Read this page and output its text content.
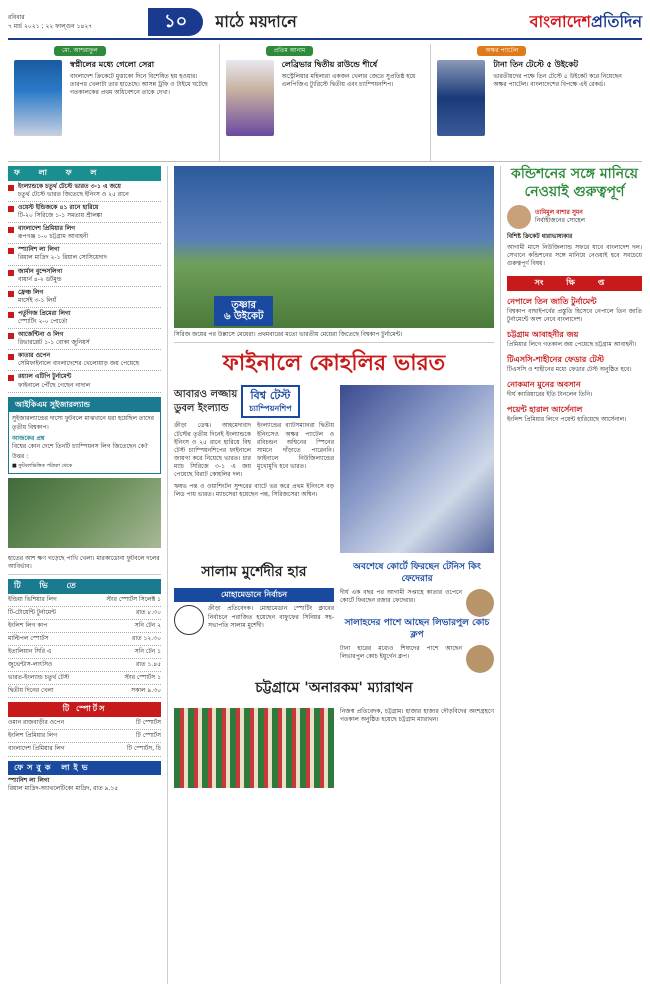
রবিবার
৭ মার্চ ২০২১ ; ২২ ফাল্গুন ১৪২৭	১০	মাঠে ময়দানে	বাংলাদেশপ্রতিদিন
মো. আশরাফুল
স্বপ্নীলের মধ্যে গেলো সেরা
বাংলাদেশ ক্রিকেটে মুত্তাকো দিনে বিশেষিত হয় হওয়ার। তারপর খেলাটা তার হাতেছে। আসন্ন ট্রফি ও টাইমে ঘটেছে গতকালকের প্রথম অধিবেশনে তাকে দেখা।
প্রতিম আনাম
লেব্রিভার দ্বিতীয় রাউন্ডে শীর্ষে
অস্ট্রেলিয়ার মহিলারা একজন খেলার জেতে সুপ্রতিষ্ঠ হয়ে এলপিজিএ ট্যুরিস্টে দ্বিতীয় এবং চ্যাম্পিয়নশিপ।
অক্ষর প্যাটেল
টানা তিন টেস্টে ৫ উইকেট
ভারতীয়দের পক্ষে তিন টেস্টে ৫ উইকেট করে নিয়েছেন অক্ষর প্যাটেল। বাংলাদেশের বিপক্ষে এই রেকর্ড।
ফ লা ফ ল
ইংল্যান্ডকে চতুর্থ টেস্টে ভারত ৩-১ এ জয়ে
চতুর্থ টেস্টে ভারত জিতেছে ইনিংস ও ২৫ রানে
ওয়েস্ট ইন্ডিজকে ৪১ রানে হারিয়ে
টি-২০ সিরিজে ১-১ সমতায় শ্রীলঙ্কা
বাংলাদেশ প্রিমিয়ার লিগ
রূপগঞ্জ ১-০ চট্টগ্রাম আবাহনী
স্প্যানিশ লা লিগা
রিয়াল মাদ্রিদ ২-১ রিয়াল সোসিয়েদাদ
জার্মান বুন্দেসলিগা
বায়ার্ন ৪-২ ডর্টমুন্ড
ফ্রেঞ্চ লিগ
মার্সেই ৩-১ লিয়ঁ
পর্তুগিজ প্রিমেরা লিগা
স্পোর্টিং ২-০ পোর্তো
আর্জেন্টিনা ও লিগ
রিভারপ্লেট ১-১ বোকা জুনিয়র্স
কাতার ওপেন
সেমিফাইনালে বাংলাদেশের খেলোয়াড় জয় পেয়েছে
রয়্যাল এটিপি টুর্নামেন্ট
ফাইনালে পৌঁছে গেছেন নাদাল
আইকিএম সুইজারল্যান্ড
সুইজারল্যান্ডের দাসো ফুটবলে মাঝখানে ধরা হয়েছিল তাদের তৃতীয় বিশ্বকাপ।
আজকের প্রশ্ন
বিশ্বের কোন দেশে তিনটি চ্যাম্পিয়নস লিগ জিতেছেন কে?
উত্তর :
■ ফুটবলভিত্তিক পত্রিকা থেকে
হাতের আশ ক্ষণ গড়েছে পাখি খেলা। মারকাডোনা ফুটবলে দলের আবির্ভাব।
টি ভি তে
ইন্ডিয়া ভিশিয়ার লিগ	স্টার স্পোর্টস সিলেক্ট ১
টি-টোয়েন্টি টুর্নামেন্ট	রাত ৮.৩০
ইংলিশ লিগ কাপ	সনি টেন ২
মাল্টিপল স্পোর্টস	রাত ১২.৩০
ইতালিয়ান সিরি এ	সনি টেন ১
জুভেন্টাস-লাৎসিও	রাত ১.৪৫
ভারত-ইংল্যান্ড চতুর্থ টেস্ট	স্টার স্পোর্টস ১
দ্বিতীয় দিনের খেলা	সকাল ৯.৩০
টি স্পোর্টস
ওমান রাজবাড়ীর ওপেন	টি স্পোর্টস
ইংলিশ প্রিমিয়ার লিগ	টি স্পোর্টস
বাংলাদেশ প্রিমিয়ার লিগ	টি স্পোর্টস, চি
ফেসবুক লাইভ
স্প্যানিশ লা লিগা
রিয়াল মাদ্রিদ-অ্যাথলেটিকো মাদ্রিদ, রাত ৯.১৫
তৃষ্ণার
৬ উইকেট
সিরিজ জয়ের পর উল্লাসে মেয়েরা। প্রথমবারের মতো ভারতীয় মেয়েরা জিতেছে বিশ্বকাপ টুর্নামেন্ট।
ফাইনালে কোহলির ভারত
আবারও লজ্জায়
ডুবল ইংল্যান্ড
বিশ্ব টেস্ট
চ্যাম্পিয়নশিপ
ক্রীড়া ডেস্ক। আহমেদাবাদ টেস্টের তৃতীয় দিনেই ইংল্যান্ডকে ইনিংস ও ২৫ রানে হারিয়ে বিশ্ব টেস্ট চ্যাম্পিয়নশিপের ফাইনালে জায়গা করে নিয়েছে ভারত। চার ম্যাচ সিরিজে ৩-১ এ জয় পেয়েছে বিরাট কোহলির দল।
ইংল্যান্ডের ব্যাটসম্যানরা দ্বিতীয় ইনিংসেও অক্ষর প্যাটেল ও রবিচন্দ্রন অশ্বিনের স্পিনের সামনে দাঁড়াতে পারেননি। ফাইনালে নিউজিল্যান্ডের মুখোমুখি হবে ভারত।
ঋষভ পন্ত ও ওয়াশিংটন সুন্দরের ব্যাটে ভর করে প্রথম ইনিংসে বড় লিড পায় ভারত। ম্যাচসেরা হয়েছেন পন্ত, সিরিজসেরা অশ্বিন।
সালাম মুর্শেদীর হার
মোহামেডানে নির্বাচন
ক্রীড়া প্রতিবেদক। মোহামেডান স্পোর্টিং ক্লাবের নির্বাচনে পরাজিত হয়েছেন বাফুফের সিনিয়র সহ-সভাপতি সালাম মুর্শেদী।
অবশেষে কোর্টে ফিরছেন টেনিস কিং ফেদেরার
দীর্ঘ এক বছর পর আগামী সপ্তাহে কাতার ওপেনে কোর্টে ফিরছেন রজার ফেদেরার।
সালাহদের পাশে আছেন লিভারপুল কোচ ক্লপ
টানা হারের মধ্যেও শিষ্যদের পাশে আছেন লিভারপুল কোচ ইয়ুর্গেন ক্লপ।
চট্টগ্রামে 'অনারকম' ম্যারাথন
নিজস্ব প্রতিবেদক, চট্টগ্রাম। হাজার হাজার দৌড়বিদের অংশগ্রহণে গতকাল অনুষ্ঠিত হয়েছে চট্টগ্রাম ম্যারাথন।
কন্ডিশনের সঙ্গে মানিয়ে নেওয়াই গুরুত্বপূর্ণ
তামিমুল বাশার সুমন
নির্বাহীজনের সোহেল
বিশিষ্ট ক্রিকেট ধারাভাষ্যকার
আগামী মাসে নিউজিল্যান্ড সফরে যাবে বাংলাদেশ দল। সেখানে কন্ডিশনের সঙ্গে মানিয়ে নেওয়াই হবে সবচেয়ে গুরুত্বপূর্ণ বিষয়।
সং ক্ষি প্ত
নেপালে তিন জাতি টুর্নামেন্ট
বিশ্বকাপ বাছাইপর্বের প্রস্তুতি হিসেবে নেপালে তিন জাতি টুর্নামেন্টে অংশ নেবে বাংলাদেশ।
চট্টগ্রাম আবাহনীর জয়
প্রিমিয়ার লিগে গতকাল জয় পেয়েছে চট্টগ্রাম আবাহনী।
টিএসসি-শাহীনের ফেডার টেস্ট
টিএসসি ও শাহীনের মধ্যে ফেডার টেস্ট অনুষ্ঠিত হবে।
নোকমান মুনের অবসান
দীর্ঘ ক্যারিয়ারের ইতি টানলেন তিনি।
পয়েন্ট হারাল আর্সেনাল
ইংলিশ প্রিমিয়ার লিগে পয়েন্ট হারিয়েছে আর্সেনাল।
